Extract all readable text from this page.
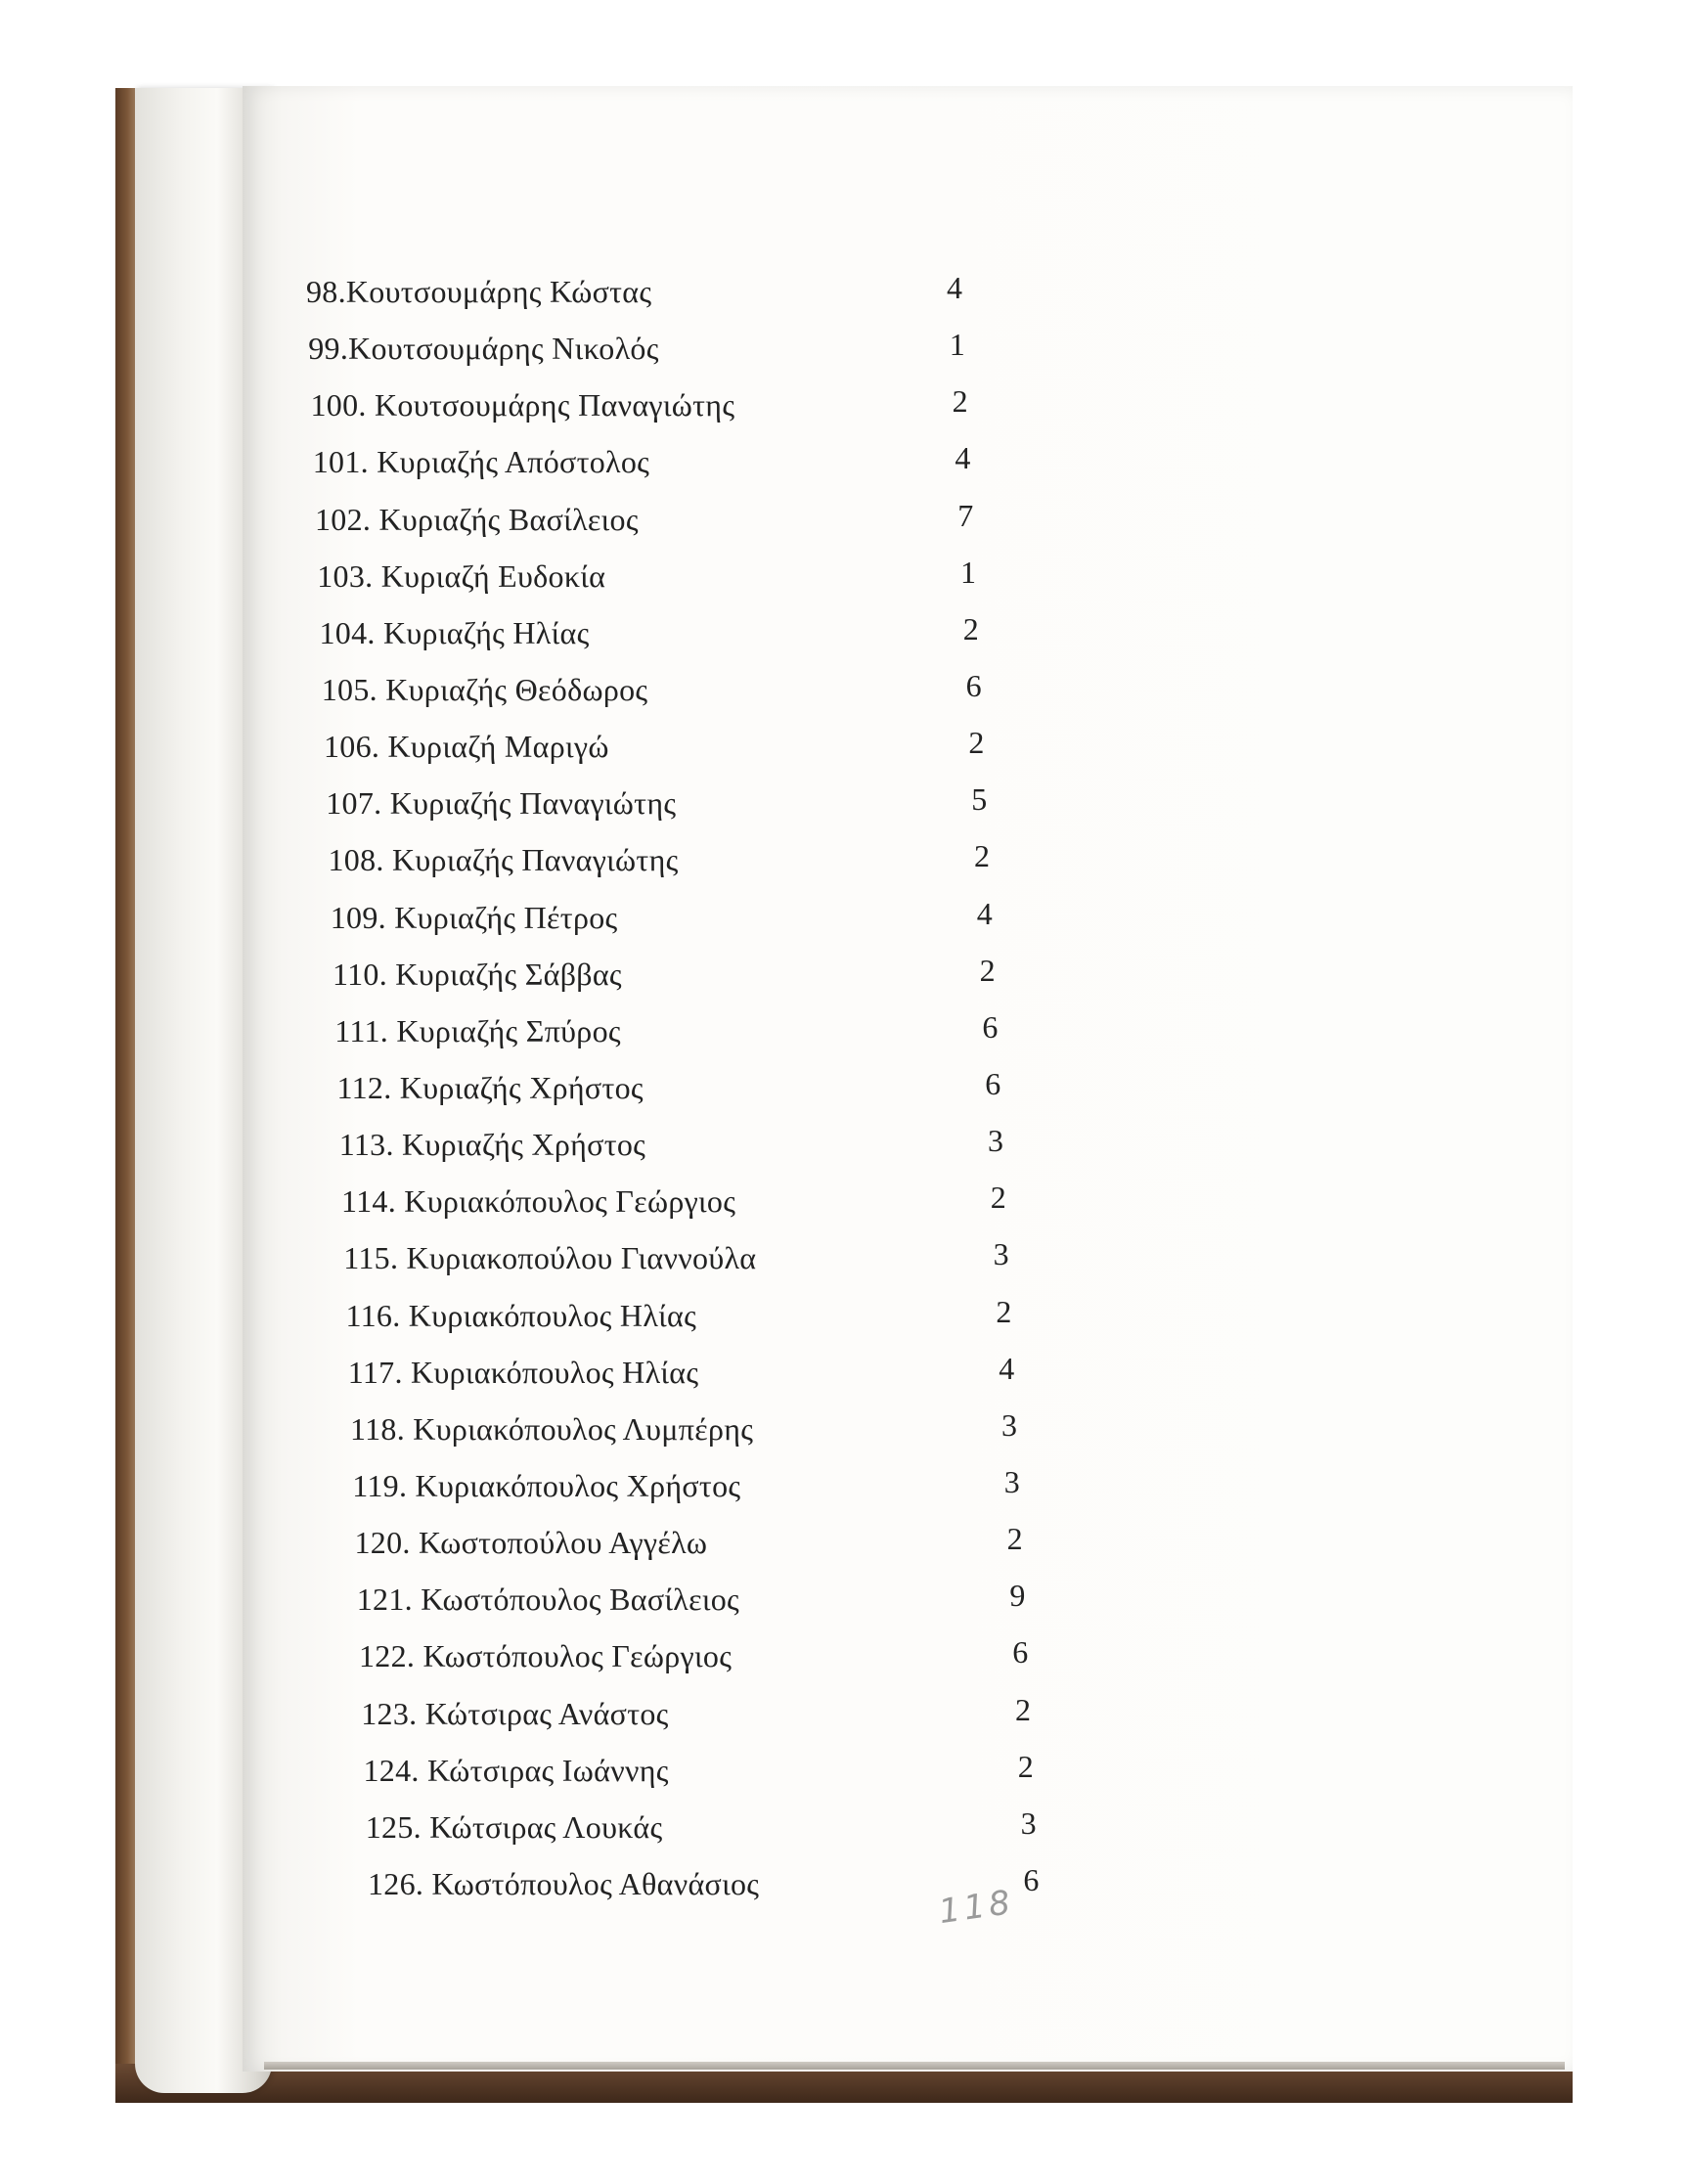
98.Κουτσουμάρης Κώστας	4
99.Κουτσουμάρης Νικολός	1
100. Κουτσουμάρης Παναγιώτης	2
101. Κυριαζής Απόστολος	4
102. Κυριαζής Βασίλειος	7
103. Κυριαζή Ευδοκία	1
104. Κυριαζής Ηλίας	2
105. Κυριαζής Θεόδωρος	6
106. Κυριαζή Μαριγώ	2
107. Κυριαζής Παναγιώτης	5
108. Κυριαζής Παναγιώτης	2
109. Κυριαζής Πέτρος	4
110. Κυριαζής Σάββας	2
111. Κυριαζής Σπύρος	6
112. Κυριαζής Χρήστος	6
113. Κυριαζής Χρήστος	3
114. Κυριακόπουλος Γεώργιος	2
115. Κυριακοπούλου Γιαννούλα	3
116. Κυριακόπουλος Ηλίας	2
117. Κυριακόπουλος Ηλίας	4
118. Κυριακόπουλος Λυμπέρης	3
119. Κυριακόπουλος Χρήστος	3
120. Κωστοπούλου Αγγέλω	2
121. Κωστόπουλος Βασίλειος	9
122. Κωστόπουλος Γεώργιος	6
123. Κώτσιρας Ανάστος	2
124. Κώτσιρας Ιωάννης	2
125. Κώτσιρας Λουκάς	3
126. Κωστόπουλος Αθανάσιος	6
118
